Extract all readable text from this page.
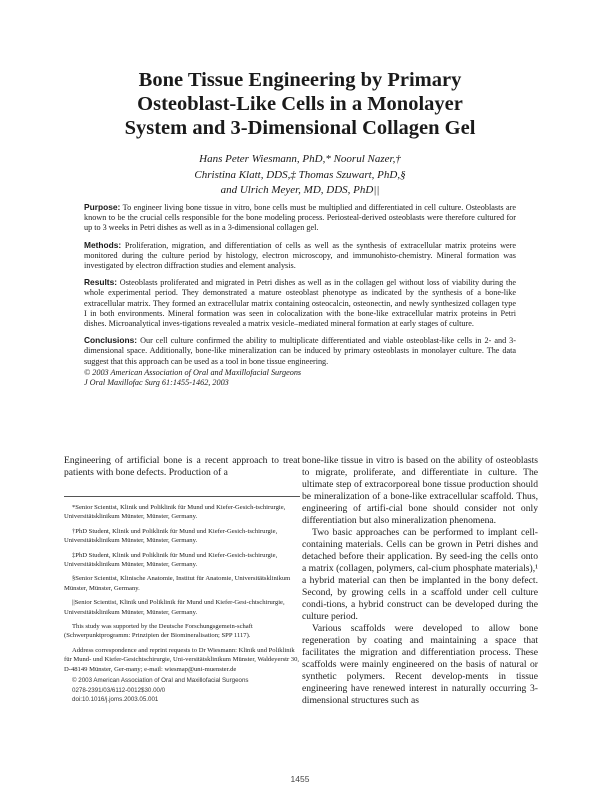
Bone Tissue Engineering by Primary
Osteoblast-Like Cells in a Monolayer
System and 3-Dimensional Collagen Gel
Hans Peter Wiesmann, PhD,* Noorul Nazer,†
Christina Klatt, DDS,‡ Thomas Szuwart, PhD,§
and Ulrich Meyer, MD, DDS, PhD||

Purpose: To engineer living bone tissue in vitro, bone cells must be multiplied and differentiated in cell culture. Osteoblasts are known to be the crucial cells responsible for the bone modeling process. Periosteal-derived osteoblasts were therefore cultured for up to 3 weeks in Petri dishes as well as in a 3-dimensional collagen gel.

Methods: Proliferation, migration, and differentiation of cells as well as the synthesis of extracellular matrix proteins were monitored during the culture period by histology, electron microscopy, and immunohisto-chemistry. Mineral formation was investigated by electron diffraction studies and element analysis.

Results: Osteoblasts proliferated and migrated in Petri dishes as well as in the collagen gel without loss of viability during the whole experimental period. They demonstrated a mature osteoblast phenotype as indicated by the synthesis of a bone-like extracellular matrix. They formed an extracellular matrix containing osteocalcin, osteonectin, and newly synthesized collagen type I in both environments. Mineral formation was seen in colocalization with the bone-like extracellular matrix proteins in Petri dishes. Microanalytical inves-tigations revealed a matrix vesicle–mediated mineral formation at early stages of culture.

Conclusions: Our cell culture confirmed the ability to multiplicate differentiated and viable osteoblast-like cells in 2- and 3-dimensional space. Additionally, bone-like mineralization can be induced by primary osteoblasts in monolayer culture. The data suggest that this approach can be used as a tool in bone tissue engineering.

© 2003 American Association of Oral and Maxillofacial Surgeons

J Oral Maxillofac Surg 61:1455-1462, 2003

Engineering of artificial bone is a recent approach to treat patients with bone defects. Production of a

*Senior Scientist, Klinik und Poliklinik für Mund und Kiefer-Gesich-tschirurgie, Universitätsklinikum Münster, Münster, Germany.

†PhD Student, Klinik und Poliklinik für Mund und Kiefer-Gesich-tschirurgie, Universitätsklinikum Münster, Münster, Germany.

‡PhD Student, Klinik und Poliklinik für Mund und Kiefer-Gesich-tschirurgie, Universitätsklinikum Münster, Münster, Germany.

§Senior Scientist, Klinische Anatomie, Institut für Anatomie, Universitätsklinikum Münster, Münster, Germany.

||Senior Scientist, Klinik und Poliklinik für Mund und Kiefer-Gesi-chtschirurgie, Universitätsklinikum Münster, Münster, Germany.

This study was supported by the Deutsche Forschungsgemein-schaft (Schwerpunktprogramm: Prinzipien der Biomineralisation; SPP 1117).

Address correspondence and reprint requests to Dr Wiesmann: Klinik und Poliklinik für Mund- und Kiefer-Gesichtschirurgie, Uni-versitätsklinikum Münster, Waldeyerstr 30, D-48149 Münster, Ger-many; e-mail: wiesmap@uni-muenster.de

© 2003 American Association of Oral and Maxillofacial Surgeons

0278-2391/03/6112-0012$30.00/0

doi:10.1016/j.joms.2003.05.001

bone-like tissue in vitro is based on the ability of osteoblasts to migrate, proliferate, and differentiate in culture. The ultimate step of extracorporeal bone tissue production should be mineralization of a bone-like extracellular scaffold. Thus, engineering of artifi-cial bone should consider not only differentiation but also mineralization phenomena.

Two basic approaches can be performed to implant cell-containing materials. Cells can be grown in Petri dishes and detached before their application. By seed-ing the cells onto a matrix (collagen, polymers, cal-cium phosphate materials),¹ a hybrid material can then be implanted in the bony defect. Second, by growing cells in a scaffold under cell culture condi-tions, a hybrid construct can be developed during the culture period.

Various scaffolds were developed to allow bone regeneration by coating and maintaining a space that facilitates the migration and differentiation process. These scaffolds were mainly engineered on the basis of natural or synthetic polymers. Recent develop-ments in tissue engineering have renewed interest in naturally occurring 3-dimensional structures such as

1455
